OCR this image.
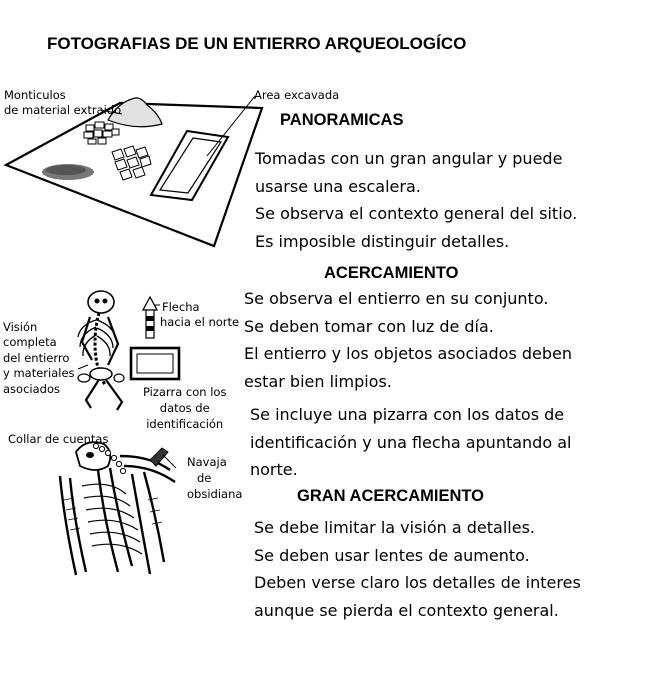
FOTOGRAFIAS DE UN ENTIERRO ARQUEOLOGÍCO
Monticulos
de material extraido
Area excavada
Flecha
hacia el norte
Visión
completa
del entierro
y materiales
asociados	Pizarra con los
datos de
identificación
Collar de cuentas
Navaja
de
obsidiana
PANORAMICAS
Tomadas con un gran angular y puede
usarse una escalera.
Se observa el contexto general del sitio.
Es imposible distinguir detalles.
ACERCAMIENTO
Se observa el entierro en su conjunto.
Se deben tomar con luz de día.
El entierro y los objetos asociados deben
estar bien limpios.
Se incluye una pizarra con los datos de
identificación y una flecha apuntando al
norte.
GRAN ACERCAMIENTO
Se debe limitar la visión a detalles.
Se deben usar lentes de aumento.
Deben verse claro los detalles de interes
aunque se pierda el contexto general.
